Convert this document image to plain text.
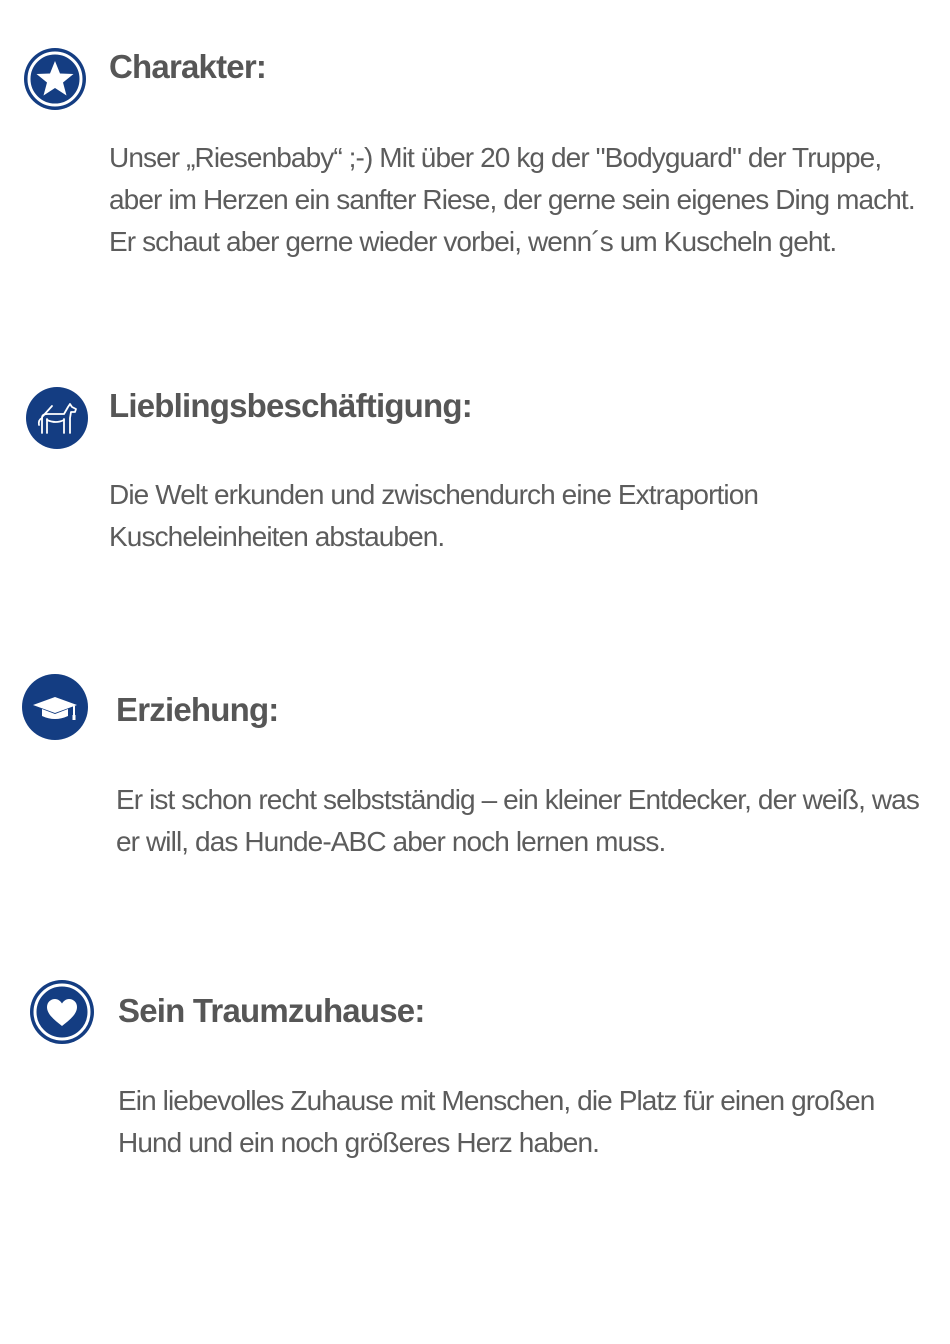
Charakter:

Unser „Riesenbaby“ ;-) Mit über 20 kg der "Bodyguard" der Truppe, aber im Herzen ein sanfter Riese, der gerne sein eigenes Ding macht. Er schaut aber gerne wieder vorbei, wenn´s um Kuscheln geht.

Lieblingsbeschäftigung:

Die Welt erkunden und zwischendurch eine Extraportion Kuscheleinheiten abstauben.

Erziehung:

Er ist schon recht selbstständig – ein kleiner Entdecker, der weiß, was er will, das Hunde-ABC aber noch lernen muss.

Sein Traumzuhause:

Ein liebevolles Zuhause mit Menschen, die Platz für einen großen Hund und ein noch größeres Herz haben.
